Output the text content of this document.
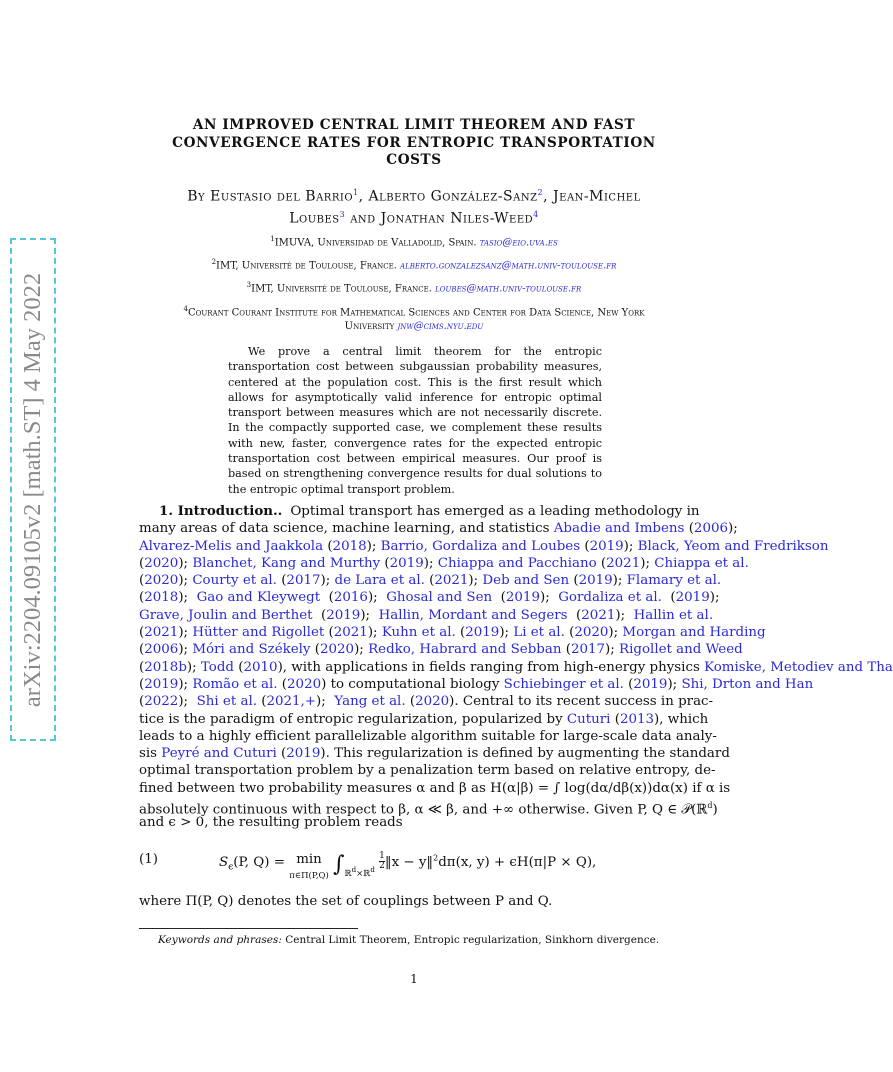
arXiv:2204.09105v2 [math.ST] 4 May 2022
AN IMPROVED CENTRAL LIMIT THEOREM AND FAST
CONVERGENCE RATES FOR ENTROPIC TRANSPORTATION
COSTS
By Eustasio del Barrio$^1$, Alberto González-Sanz$^2$, Jean-Michel
Loubes$^3$ and Jonathan Niles-Weed$^4$
$^1$IMUVA, Universidad de Valladolid, Spain. tasio@eio.uva.es
$^2$IMT, Université de Toulouse, France. alberto.gonzalezsanz@math.univ-toulouse.fr
$^3$IMT, Université de Toulouse, France. loubes@math.univ-toulouse.fr
$^4$Courant Courant Institute for Mathematical Sciences and Center for Data Science, New York
University jnw@cims.nyu.edu
We prove a central limit theorem for the entropic transportation cost between subgaussian probability measures, centered at the population cost. This is the first result which allows for asymptotically valid inference for entropic optimal transport between measures which are not necessarily discrete. In the compactly supported case, we complement these results with new, faster, convergence rates for the expected entropic transportation cost between empirical measures. Our proof is based on strengthening convergence results for dual solutions to the entropic optimal transport problem.
1. Introduction.. Optimal transport has emerged as a leading methodology in
many areas of data science, machine learning, and statistics Abadie and Imbens (2006);
Alvarez-Melis and Jaakkola (2018); Barrio, Gordaliza and Loubes (2019); Black, Yeom and Fredrikson
(2020); Blanchet, Kang and Murthy (2019); Chiappa and Pacchiano (2021); Chiappa et al.
(2020); Courty et al. (2017); de Lara et al. (2021); Deb and Sen (2019); Flamary et al.
(2018);  Gao and Kleywegt  (2016);  Ghosal and Sen  (2019);  Gordaliza et al.  (2019);
Grave, Joulin and Berthet  (2019);  Hallin, Mordant and Segers  (2021);  Hallin et al.
(2021); Hütter and Rigollet (2021); Kuhn et al. (2019); Li et al. (2020); Morgan and Harding
(2006); Móri and Székely (2020); Redko, Habrard and Sebban (2017); Rigollet and Weed
(2018b); Todd (2010), with applications in fields ranging from high-energy physics Komiske, Metodiev and Tha
(2019); Romão et al. (2020) to computational biology Schiebinger et al. (2019); Shi, Drton and Han
(2022);  Shi et al. (2021,+);  Yang et al. (2020). Central to its recent success in prac-
tice is the paradigm of entropic regularization, popularized by Cuturi (2013), which
leads to a highly efficient parallelizable algorithm suitable for large-scale data analy-
sis Peyré and Cuturi (2019). This regularization is defined by augmenting the standard
optimal transportation problem by a penalization term based on relative entropy, de-
fined between two probability measures α and β as H(α|β) = ∫ log(dα/dβ(x))dα(x) if α is
absolutely continuous with respect to β, α ≪ β, and +∞ otherwise. Given P, Q ∈ 𝒫(ℝ$^d$)
and ϵ > 0, the resulting problem reads
(1)	$S_\epsilon(P$, Q) = min
π∈Π(P,Q) $\int_{ℝ^d\times ℝ^d}$ $\frac{1}{2}‖x$ − y‖$^2$dπ(x, y) + ϵH(π|P × Q),
where Π(P, Q) denotes the set of couplings between P and Q.
Keywords and phrases: Central Limit Theorem, Entropic regularization, Sinkhorn divergence.
1
